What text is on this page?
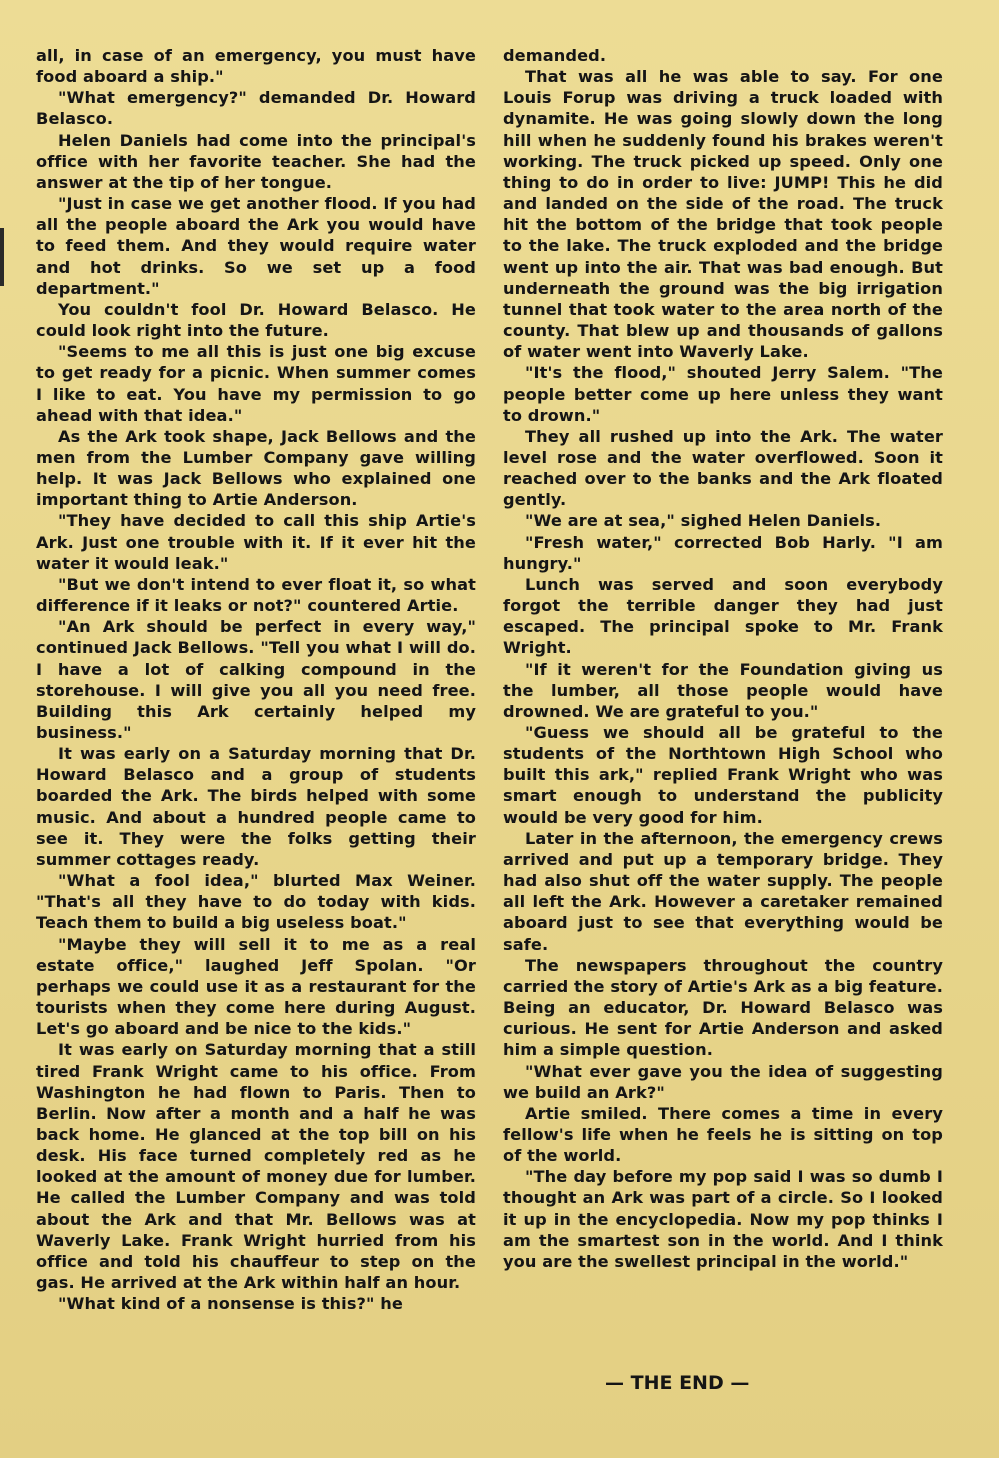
all, in case of an emergency, you must have food aboard a ship."

"What emergency?" demanded Dr. Howard Belasco.

Helen Daniels had come into the principal's office with her favorite teacher. She had the answer at the tip of her tongue.

"Just in case we get another flood. If you had all the people aboard the Ark you would have to feed them. And they would require water and hot drinks. So we set up a food department."

You couldn't fool Dr. Howard Belasco. He could look right into the future.

"Seems to me all this is just one big excuse to get ready for a picnic. When summer comes I like to eat. You have my permission to go ahead with that idea."

As the Ark took shape, Jack Bellows and the men from the Lumber Company gave willing help. It was Jack Bellows who explained one important thing to Artie Anderson.

"They have decided to call this ship Artie's Ark. Just one trouble with it. If it ever hit the water it would leak."

"But we don't intend to ever float it, so what difference if it leaks or not?" countered Artie.

"An Ark should be perfect in every way," continued Jack Bellows. "Tell you what I will do. I have a lot of calking compound in the storehouse. I will give you all you need free. Building this Ark certainly helped my business."

It was early on a Saturday morning that Dr. Howard Belasco and a group of students boarded the Ark. The birds helped with some music. And about a hundred people came to see it. They were the folks getting their summer cottages ready.

"What a fool idea," blurted Max Weiner. "That's all they have to do today with kids. Teach them to build a big useless boat."

"Maybe they will sell it to me as a real estate office," laughed Jeff Spolan. "Or perhaps we could use it as a restaurant for the tourists when they come here during August. Let's go aboard and be nice to the kids."

It was early on Saturday morning that a still tired Frank Wright came to his office. From Washington he had flown to Paris. Then to Berlin. Now after a month and a half he was back home. He glanced at the top bill on his desk. His face turned completely red as he looked at the amount of money due for lumber. He called the Lumber Company and was told about the Ark and that Mr. Bellows was at Waverly Lake. Frank Wright hurried from his office and told his chauffeur to step on the gas. He arrived at the Ark within half an hour.

"What kind of a nonsense is this?" he

demanded.

That was all he was able to say. For one Louis Forup was driving a truck loaded with dynamite. He was going slowly down the long hill when he suddenly found his brakes weren't working. The truck picked up speed. Only one thing to do in order to live: JUMP! This he did and landed on the side of the road. The truck hit the bottom of the bridge that took people to the lake. The truck exploded and the bridge went up into the air. That was bad enough. But underneath the ground was the big irrigation tunnel that took water to the area north of the county. That blew up and thousands of gallons of water went into Waverly Lake.

"It's the flood," shouted Jerry Salem. "The people better come up here unless they want to drown."

They all rushed up into the Ark. The water level rose and the water overflowed. Soon it reached over to the banks and the Ark floated gently.

"We are at sea," sighed Helen Daniels.

"Fresh water," corrected Bob Harly. "I am hungry."

Lunch was served and soon everybody forgot the terrible danger they had just escaped. The principal spoke to Mr. Frank Wright.

"If it weren't for the Foundation giving us the lumber, all those people would have drowned. We are grateful to you."

"Guess we should all be grateful to the students of the Northtown High School who built this ark," replied Frank Wright who was smart enough to understand the publicity would be very good for him.

Later in the afternoon, the emergency crews arrived and put up a temporary bridge. They had also shut off the water supply. The people all left the Ark. However a caretaker remained aboard just to see that everything would be safe.

The newspapers throughout the country carried the story of Artie's Ark as a big feature. Being an educator, Dr. Howard Belasco was curious. He sent for Artie Anderson and asked him a simple question.

"What ever gave you the idea of suggesting we build an Ark?"

Artie smiled. There comes a time in every fellow's life when he feels he is sitting on top of the world.

"The day before my pop said I was so dumb I thought an Ark was part of a circle. So I looked it up in the encyclopedia. Now my pop thinks I am the smartest son in the world. And I think you are the swellest principal in the world."

— THE END —
